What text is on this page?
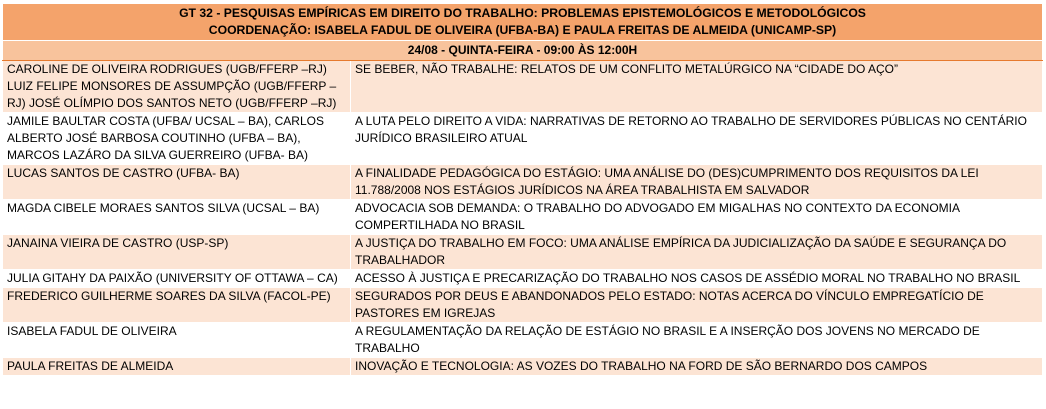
GT 32 - PESQUISAS EMPÍRICAS EM DIREITO DO TRABALHO: PROBLEMAS EPISTEMOLÓGICOS E METODOLÓGICOS
COORDENAÇÃO: ISABELA FADUL DE OLIVEIRA (UFBA-BA) E PAULA FREITAS DE ALMEIDA (UNICAMP-SP)	

24/08 - QUINTA-FEIRA - 09:00 ÀS 12:00H	
CAROLINE DE OLIVEIRA RODRIGUES (UGB/FFERP –RJ) LUIZ FELIPE MONSORES DE ASSUMPÇÃO (UGB/FFERP – RJ) JOSÉ OLÍMPIO DOS SANTOS NETO (UGB/FFERP –RJ)	SE BEBER, NÃO TRABALHE: RELATOS DE UM CONFLITO METALÚRGICO NA “CIDADE DO AÇO”
JAMILE BAULTAR COSTA (UFBA/ UCSAL – BA), CARLOS ALBERTO JOSÉ BARBOSA COUTINHO (UFBA – BA), MARCOS LAZÁRO DA SILVA GUERREIRO (UFBA- BA)	A LUTA PELO DIREITO A VIDA: NARRATIVAS DE RETORNO AO TRABALHO DE SERVIDORES PÚBLICAS NO CENTÁRIO JURÍDICO BRASILEIRO ATUAL
LUCAS SANTOS DE CASTRO (UFBA- BA)	A FINALIDADE PEDAGÓGICA DO ESTÁGIO: UMA ANÁLISE DO (DES)CUMPRIMENTO DOS REQUISITOS DA LEI 11.788/2008 NOS ESTÁGIOS JURÍDICOS NA ÁREA TRABALHISTA EM SALVADOR
MAGDA CIBELE MORAES SANTOS SILVA (UCSAL – BA)	ADVOCACIA SOB DEMANDA: O TRABALHO DO ADVOGADO EM MIGALHAS NO CONTEXTO DA ECONOMIA COMPERTILHADA NO BRASIL
JANAINA VIEIRA DE CASTRO (USP-SP)	A JUSTIÇA DO TRABALHO EM FOCO: UMA ANÁLISE EMPÍRICA DA JUDICIALIZAÇÃO DA SAÚDE E SEGURANÇA DO TRABALHADOR
JULIA GITAHY DA PAIXÃO (UNIVERSITY OF OTTAWA – CA)	ACESSO À JUSTIÇA E PRECARIZAÇÃO DO TRABALHO NOS CASOS DE ASSÉDIO MORAL NO TRABALHO NO BRASIL
FREDERICO GUILHERME SOARES DA SILVA (FACOL-PE)	SEGURADOS POR DEUS E ABANDONADOS PELO ESTADO: NOTAS ACERCA DO VÍNCULO EMPREGATÍCIO DE PASTORES EM IGREJAS
ISABELA FADUL DE OLIVEIRA	A REGULAMENTAÇÃO DA RELAÇÃO DE ESTÁGIO NO BRASIL E A INSERÇÃO DOS JOVENS NO MERCADO DE TRABALHO
PAULA FREITAS DE ALMEIDA	INOVAÇÃO E TECNOLOGIA: AS VOZES DO TRABALHO NA FORD DE SÃO BERNARDO DOS CAMPOS
